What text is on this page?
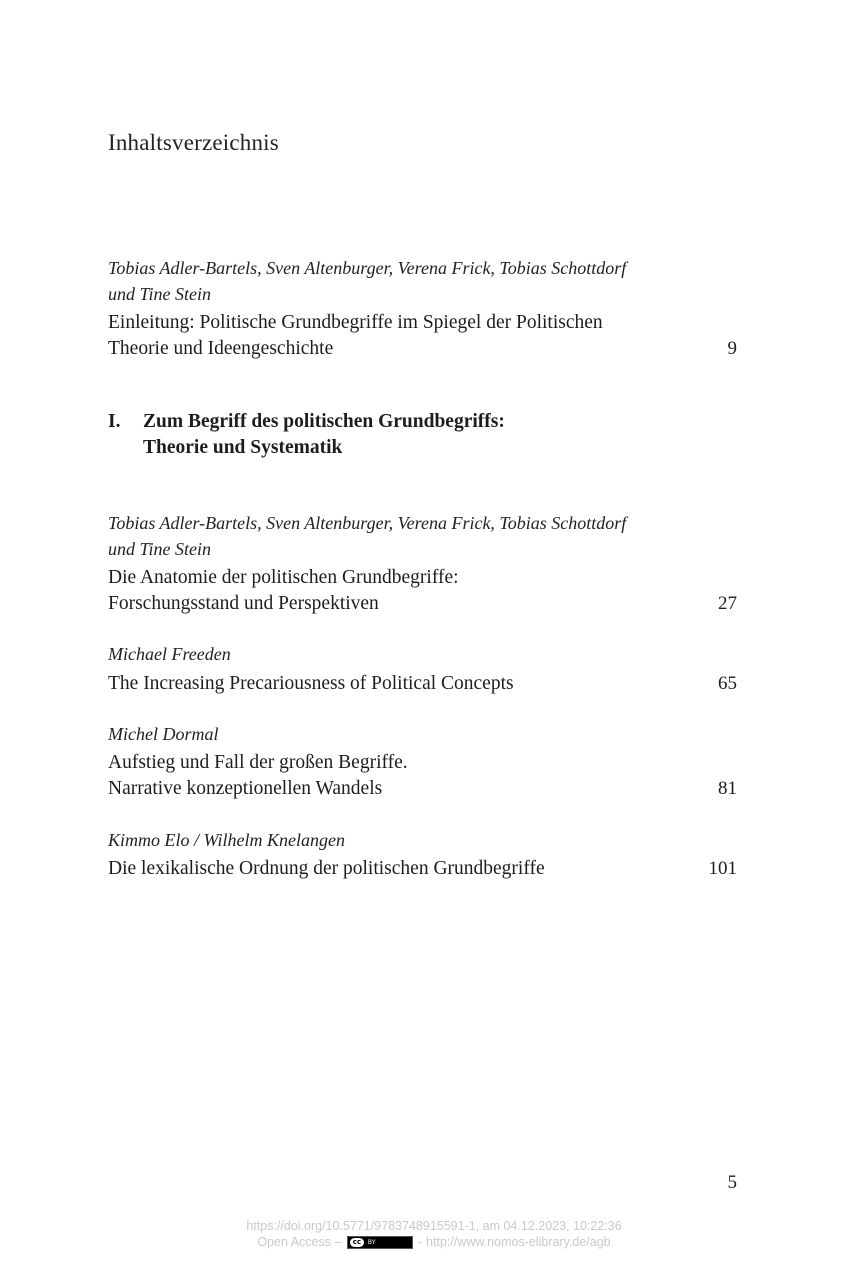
Inhaltsverzeichnis
Tobias Adler-Bartels, Sven Altenburger, Verena Frick, Tobias Schottdorf
und Tine Stein
Einleitung: Politische Grundbegriffe im Spiegel der Politischen
Theorie und Ideengeschichte	9
I. Zum Begriff des politischen Grundbegriffs:
Theorie und Systematik
Tobias Adler-Bartels, Sven Altenburger, Verena Frick, Tobias Schottdorf
und Tine Stein
Die Anatomie der politischen Grundbegriffe:
Forschungsstand und Perspektiven	27
Michael Freeden
The Increasing Precariousness of Political Concepts	65
Michel Dormal
Aufstieg und Fall der großen Begriffe.
Narrative konzeptionellen Wandels	81
Kimmo Elo / Wilhelm Knelangen
Die lexikalische Ordnung der politischen Grundbegriffe	101
5
https://doi.org/10.5771/9783748915591-1, am 04.12.2023, 10:22:36
Open Access –	cc	BY	- http://www.nomos-elibrary.de/agb
